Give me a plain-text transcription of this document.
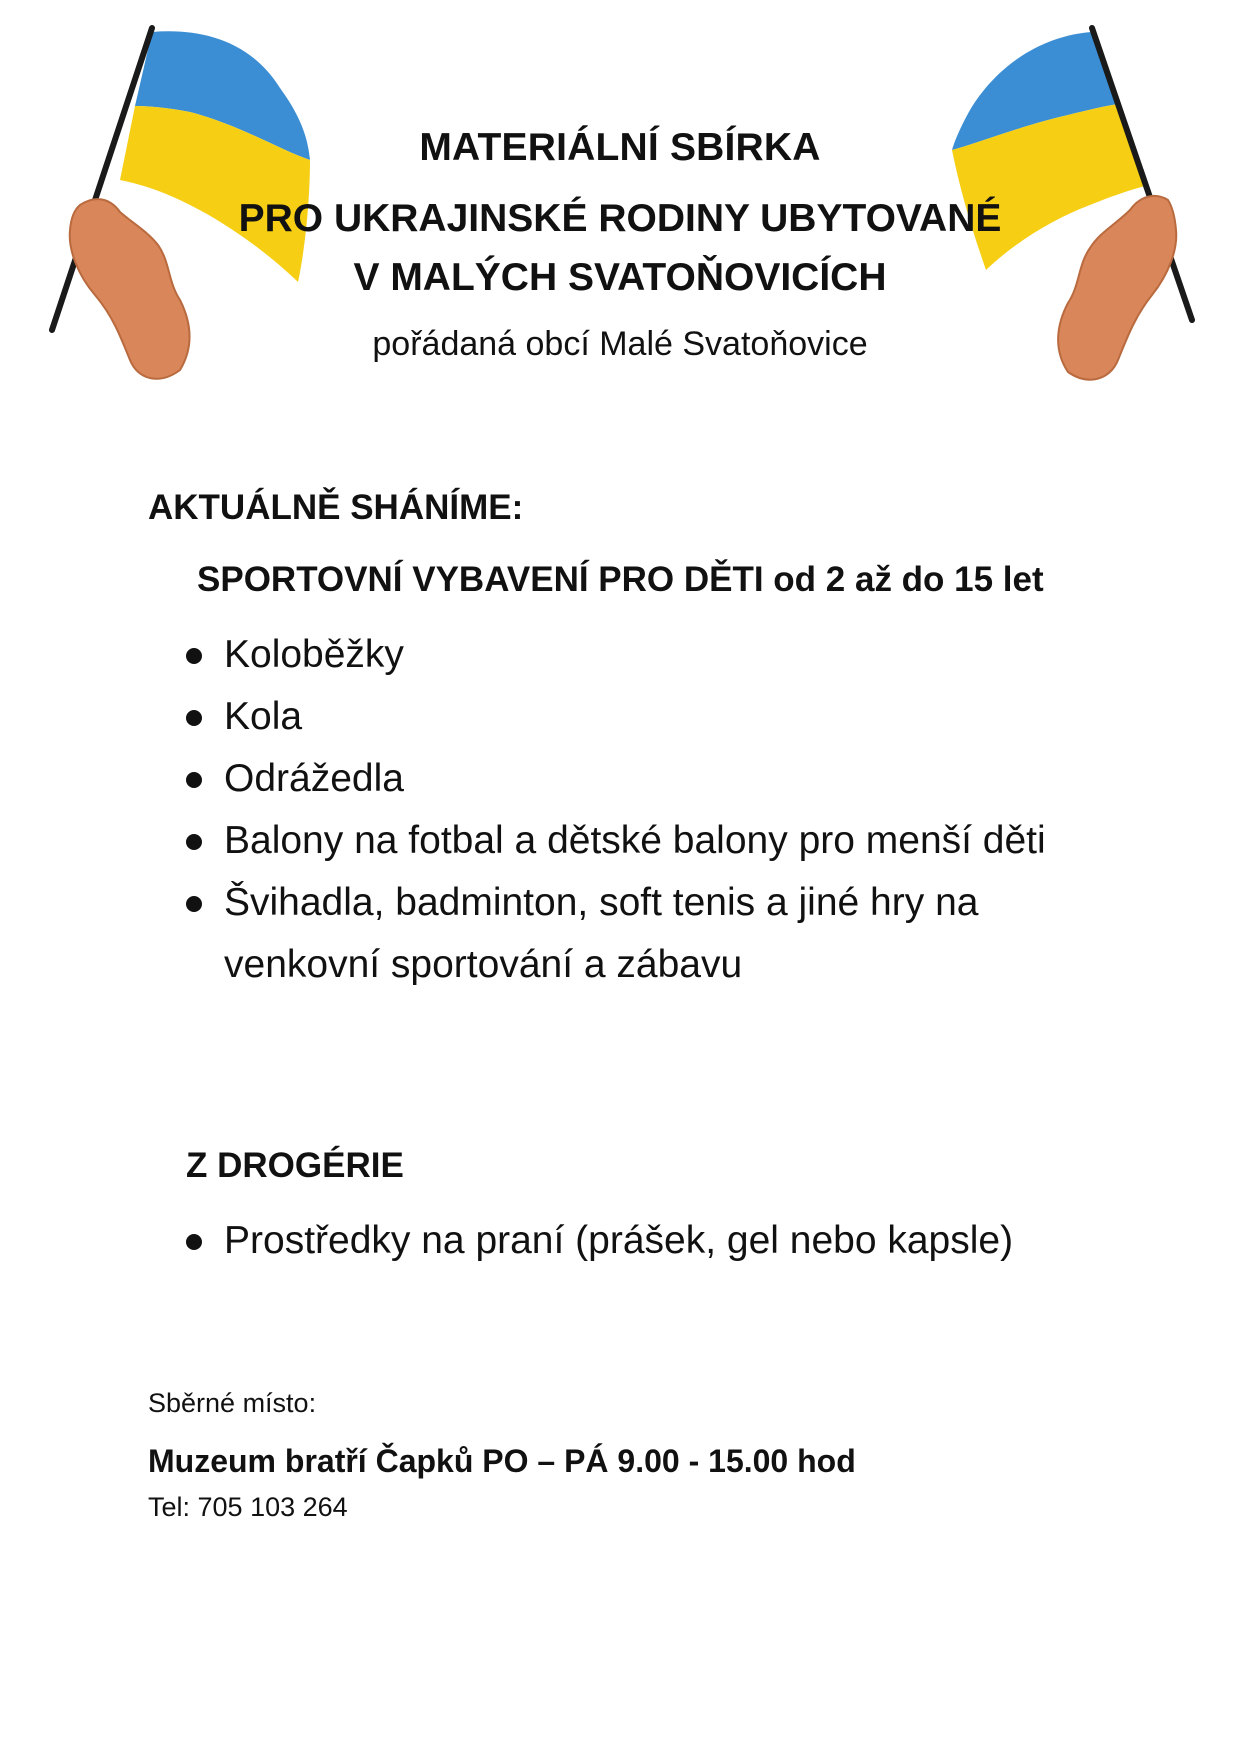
MATERIÁLNÍ SBÍRKA
PRO UKRAJINSKÉ RODINY UBYTOVANÉ
V MALÝCH SVATOŇOVICÍCH
pořádaná obcí Malé Svatoňovice
AKTUÁLNĚ SHÁNÍME:
SPORTOVNÍ VYBAVENÍ PRO DĚTI od 2 až do 15 let
Koloběžky
Kola
Odrážedla
Balony na fotbal a dětské balony pro menší děti
Švihadla, badminton, soft tenis a jiné hry na venkovní sportování a zábavu
Z DROGÉRIE
Prostředky na praní (prášek, gel nebo kapsle)
Sběrné místo:
Muzeum bratří Čapků PO – PÁ 9.00 - 15.00 hod
Tel: 705 103 264
